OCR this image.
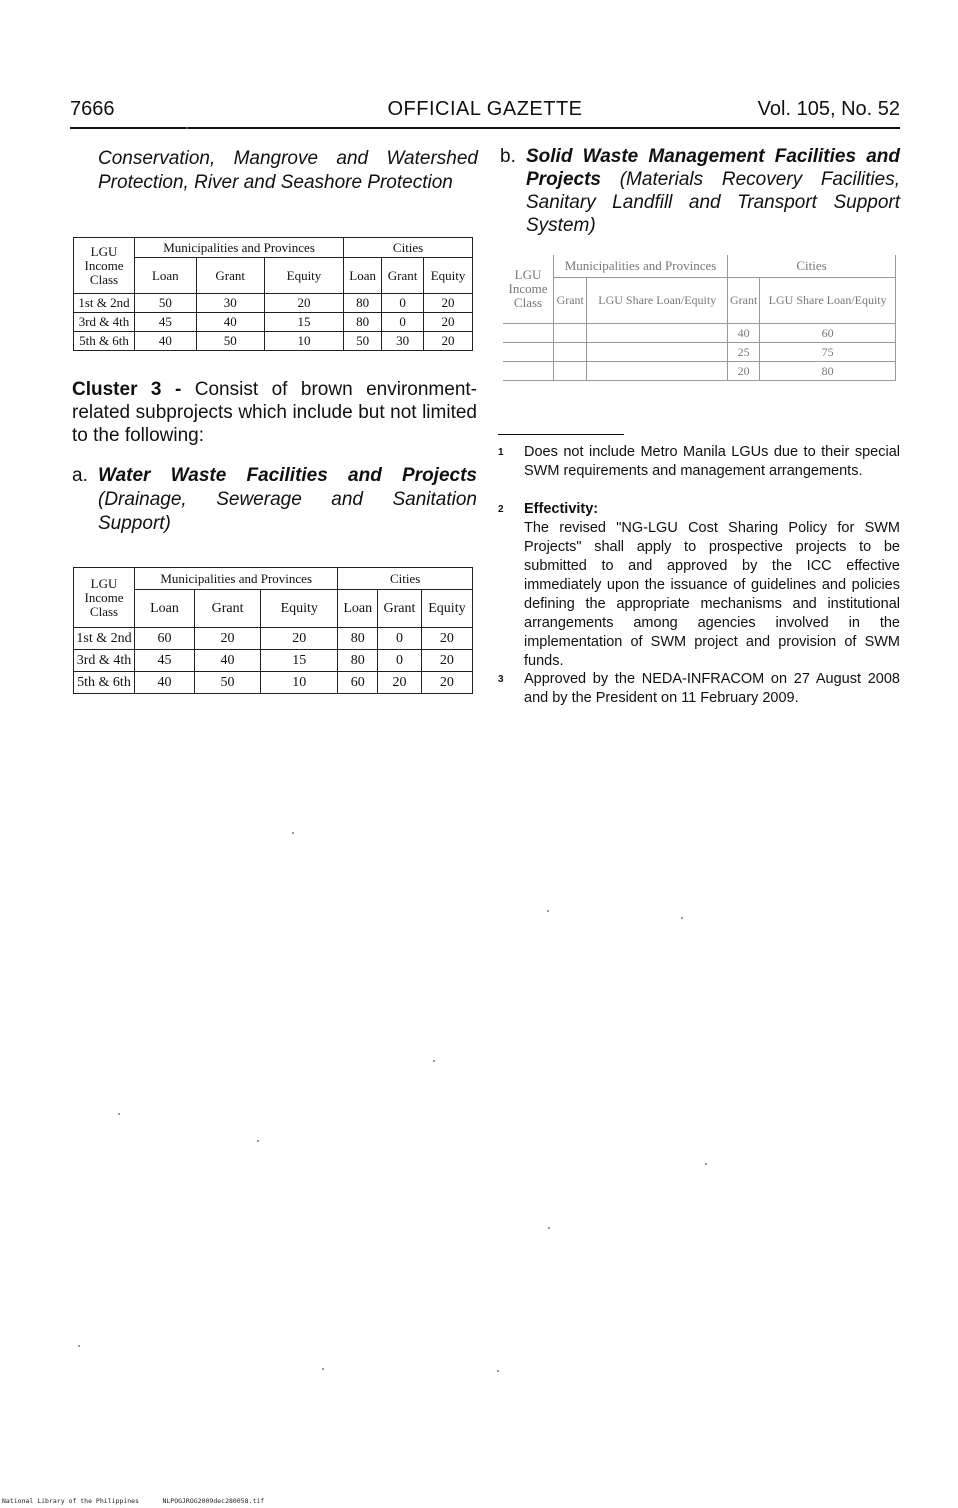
7666	OFFICIAL GAZETTE	Vol. 105, No. 52
Conservation, Mangrove and Watershed Protection, River and Seashore Protection
LGU Income Class	Municipalities and Provinces			Cities		
	Loan	Grant	Equity	Loan	Grant	Equity
1st & 2nd	50	30	20	80	0	20
3rd & 4th	45	40	15	80	0	20
5th & 6th	40	50	10	50	30	20
Cluster 3 - Consist of brown environment-related subprojects which include but not limited to the following:
a. Water Waste Facilities and Projects (Drainage, Sewerage and Sanitation Support)
LGU Income Class	Municipalities and Provinces			Cities		
	Loan	Grant	Equity	Loan	Grant	Equity
1st & 2nd	60	20	20	80	0	20
3rd & 4th	45	40	15	80	0	20
5th & 6th	40	50	10	60	20	20
b. Solid Waste Management Facilities and Projects (Materials Recovery Facilities, Sanitary Landfill and Transport Support System)
LGU Income Class	Municipalities and Provinces		Cities	
	Grant	LGU Share Loan/Equity	Grant	LGU Share Loan/Equity
			40	60
			25	75
			20	80
1 Does not include Metro Manila LGUs due to their special SWM requirements and management arrangements.
2 Effectivity:
The revised "NG-LGU Cost Sharing Policy for SWM Projects" shall apply to prospective projects to be submitted to and approved by the ICC effective immediately upon the issuance of guidelines and policies defining the appropriate mechanisms and institutional arrangements among agencies involved in the implementation of SWM project and provision of SWM funds.
3 Approved by the NEDA-INFRACOM on 27 August 2008 and by the President on 11 February 2009.
National Library of the Philippines	NLPOGJROG2009dec280058.tif
